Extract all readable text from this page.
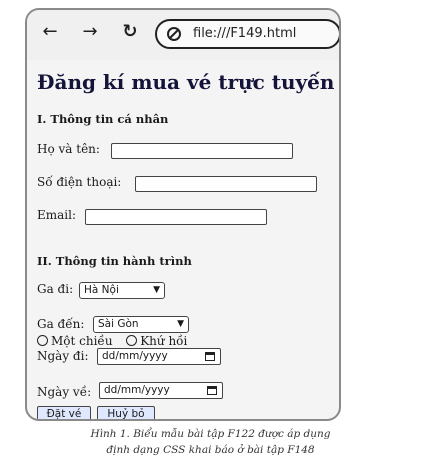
← → ↻	file:///F149.html
Đăng kí mua vé trực tuyến
I. Thông tin cá nhân
Họ và tên:
Số điện thoại:
Email:
II. Thông tin hành trình
Ga đi:	Hà Nội	▼
Ga đến:	Sài Gòn	▼
Một chiều Khứ hồi
Ngày đi:	dd/mm/yyyy
Ngày về:	dd/mm/yyyy
Đặt vé	Huỷ bỏ
Hình 1. Biểu mẫu bài tập F122 được áp dụng
định dạng CSS khai báo ở bài tập F148
